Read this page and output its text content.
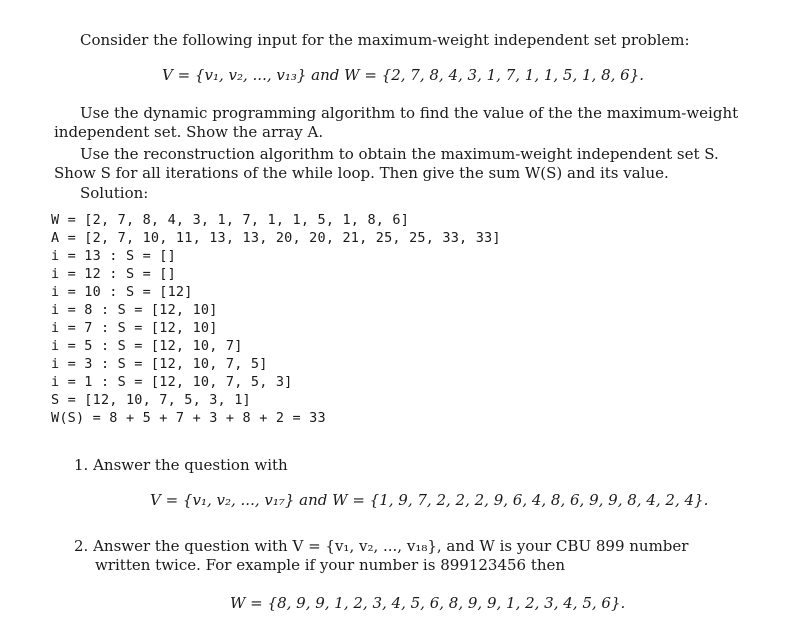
Consider the following input for the maximum-weight independent set problem:
V = {v₁, v₂, ..., v₁₃} and W = {2, 7, 8, 4, 3, 1, 7, 1, 1, 5, 1, 8, 6}.
Use the dynamic programming algorithm to find the value of the the maximum-weight
independent set. Show the array A.
Use the reconstruction algorithm to obtain the maximum-weight independent set S.
Show S for all iterations of the while loop. Then give the sum W(S) and its value.
Solution:
W = [2, 7, 8, 4, 3, 1, 7, 1, 1, 5, 1, 8, 6]
A = [2, 7, 10, 11, 13, 13, 20, 20, 21, 25, 25, 33, 33]
i = 13 : S = []
i = 12 : S = []
i = 10 : S = [12]
i = 8 : S = [12, 10]
i = 7 : S = [12, 10]
i = 5 : S = [12, 10, 7]
i = 3 : S = [12, 10, 7, 5]
i = 1 : S = [12, 10, 7, 5, 3]
S = [12, 10, 7, 5, 3, 1]
W(S) = 8 + 5 + 7 + 3 + 8 + 2 = 33
1. Answer the question with
V = {v₁, v₂, ..., v₁₇} and W = {1, 9, 7, 2, 2, 2, 9, 6, 4, 8, 6, 9, 9, 8, 4, 2, 4}.
2. Answer the question with V = {v₁, v₂, ..., v₁₈}, and W is your CBU 899 number
written twice. For example if your number is 899123456 then
W = {8, 9, 9, 1, 2, 3, 4, 5, 6, 8, 9, 9, 1, 2, 3, 4, 5, 6}.
